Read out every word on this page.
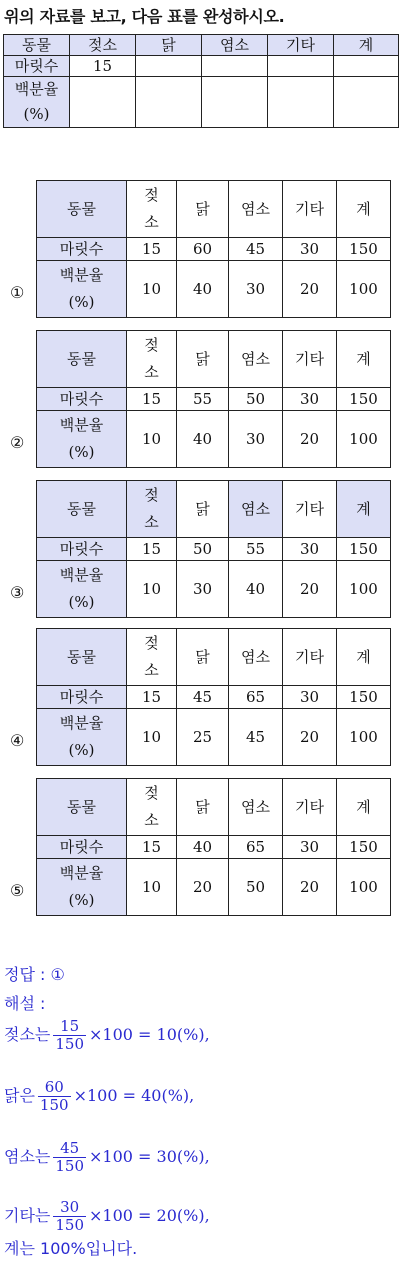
위의 자료를 보고, 다음 표를 완성하시오.
동물	젖소	닭	염소	기타	계
마릿수	15				

백분율
(%)					

①
동물	젖
소	닭	염소	기타	계
마릿수	15	60	45	30	150

백분율
(%)	10	40	30	20	100
②
동물	젖
소	닭	염소	기타	계
마릿수	15	55	50	30	150

백분율
(%)	10	40	30	20	100
③
동물	젖
소	닭	염소	기타	계
마릿수	15	50	55	30	150

백분율
(%)	10	30	40	20	100
④
동물	젖
소	닭	염소	기타	계
마릿수	15	45	65	30	150

백분율
(%)	10	25	45	20	100
⑤
동물	젖
소	닭	염소	기타	계
마릿수	15	40	65	30	150

백분율
(%)	10	20	50	20	100
정답 : ①
해설 :
젖소는 $\frac{15}{150} \times 100 = 10(\%)$,
닭은 $\frac{60}{150} \times 100 = 40(\%)$,
염소는 $\frac{45}{150} \times 100 = 30(\%)$,
기타는 $\frac{30}{150} \times 100 = 20(\%)$,
계는 100%입니다.
